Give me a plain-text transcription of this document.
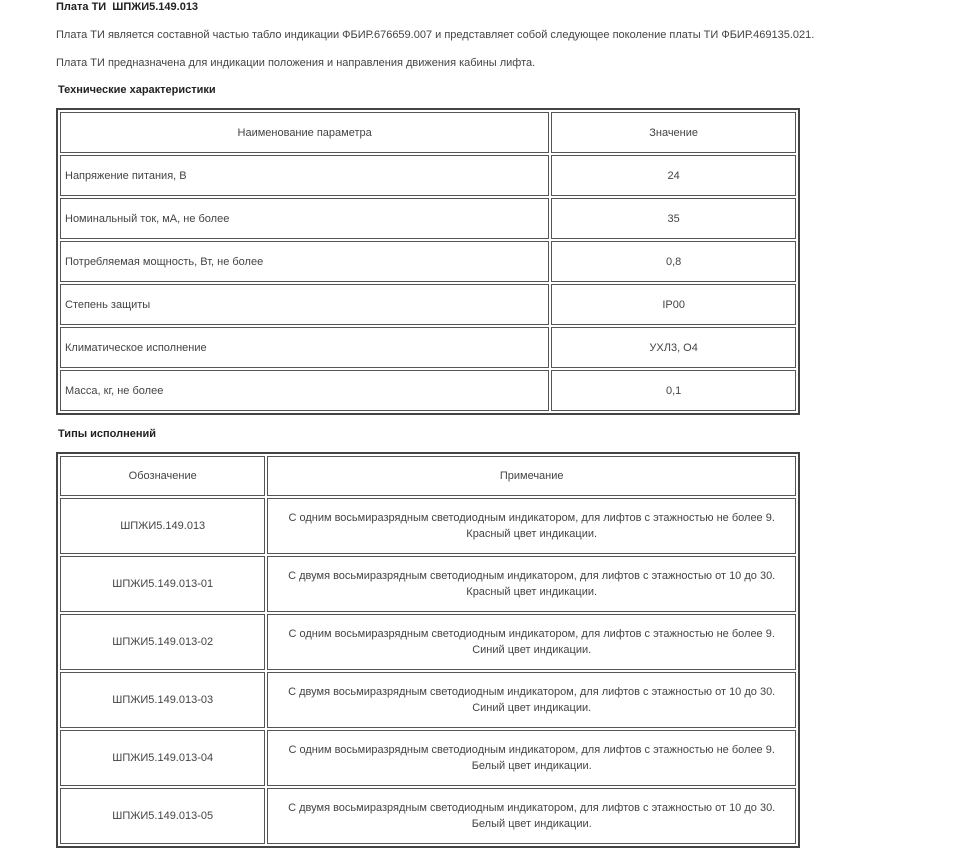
Плата ТИ  ШПЖИ5.149.013
Плата ТИ является составной частью табло индикации ФБИР.676659.007 и представляет собой следующее поколение платы ТИ ФБИР.469135.021.
Плата ТИ предназначена для индикации положения и направления движения кабины лифта.
Технические характеристики
Наименование параметра	Значение
Напряжение питания, В	24
Номинальный ток, мА, не более	35
Потребляемая мощность, Вт, не более	0,8
Степень защиты	IP00
Климатическое исполнение	УХЛ3, О4
Масса, кг, не более	0,1
Типы исполнений
Обозначение	Примечание
ШПЖИ5.149.013	С одним восьмиразрядным светодиодным индикатором, для лифтов с этажностью не более 9. Красный цвет индикации.
ШПЖИ5.149.013-01	С двумя восьмиразрядным светодиодным индикатором, для лифтов с этажностью от 10 до 30. Красный цвет индикации.
ШПЖИ5.149.013-02	С одним восьмиразрядным светодиодным индикатором, для лифтов с этажностью не более 9. Синий цвет индикации.
ШПЖИ5.149.013-03	С двумя восьмиразрядным светодиодным индикатором, для лифтов с этажностью от 10 до 30. Синий цвет индикации.
ШПЖИ5.149.013-04	С одним восьмиразрядным светодиодным индикатором, для лифтов с этажностью не более 9. Белый цвет индикации.
ШПЖИ5.149.013-05	С двумя восьмиразрядным светодиодным индикатором, для лифтов с этажностью от 10 до 30. Белый цвет индикации.
